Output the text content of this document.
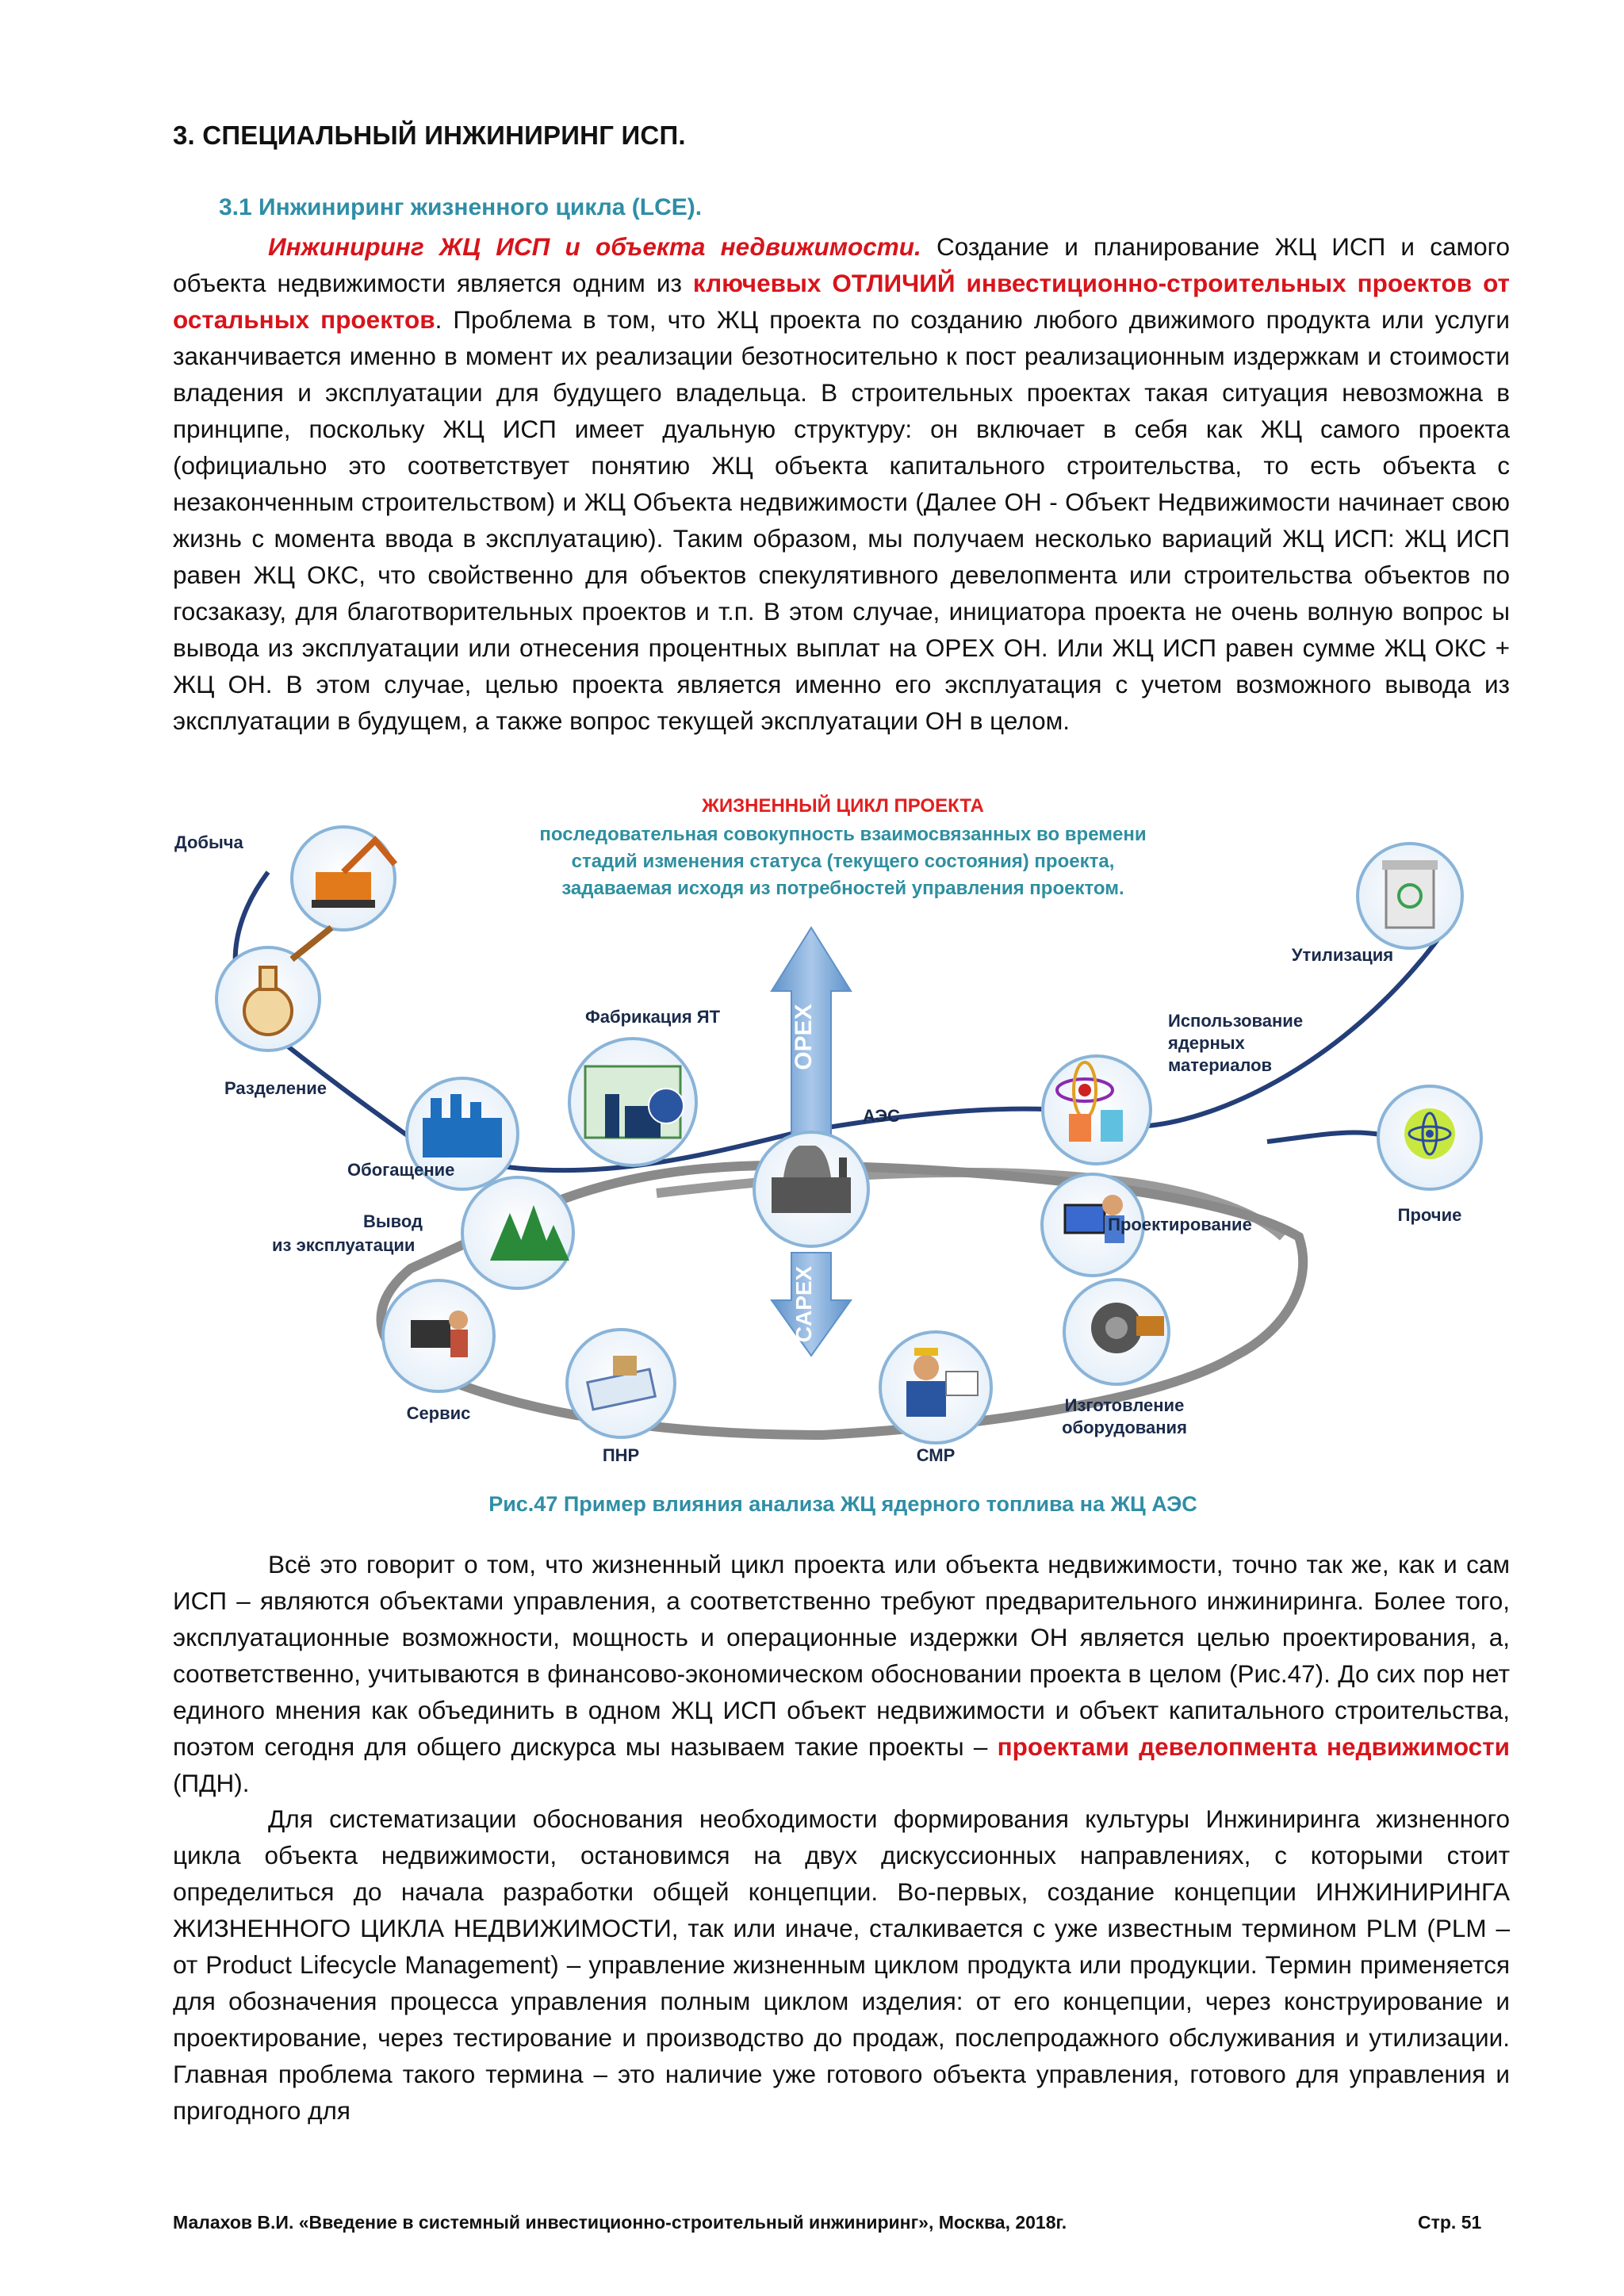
3. СПЕЦИАЛЬНЫЙ ИНЖИНИРИНГ ИСП.
3.1 Инжиниринг жизненного цикла (LCE).
Инжиниринг ЖЦ ИСП и объекта недвижимости. Создание и планирование ЖЦ ИСП и самого объекта недвижимости является одним из ключевых ОТЛИЧИЙ инвестиционно-строительных проектов от остальных проектов. Проблема в том, что ЖЦ проекта по созданию любого движимого продукта или услуги заканчивается именно в момент их реализации безотносительно к пост реализационным издержкам и стоимости владения и эксплуатации для будущего владельца. В строительных проектах такая ситуация невозможна в принципе, поскольку ЖЦ ИСП имеет дуальную структуру: он включает в себя как ЖЦ самого проекта (официально это соответствует понятию ЖЦ объекта капитального строительства, то есть объекта с незаконченным строительством) и ЖЦ Объекта недвижимости (Далее ОН - Объект Недвижимости начинает свою жизнь с момента ввода в эксплуатацию). Таким образом, мы получаем несколько вариаций ЖЦ ИСП: ЖЦ ИСП равен ЖЦ ОКС, что свойственно для объектов спекулятивного девелопмента или строительства объектов по госзаказу, для благотворительных проектов и т.п. В этом случае, инициатора проекта не очень волную вопрос ы вывода из эксплуатации или отнесения процентных выплат на OPEX ОН. Или ЖЦ ИСП равен сумме ЖЦ ОКС + ЖЦ ОН. В этом случае, целью проекта является именно его эксплуатация с учетом возможного вывода из эксплуатации в будущем, а также вопрос текущей эксплуатации ОН в целом.
ЖИЗНЕННЫЙ ЦИКЛ ПРОЕКТА
последовательная совокупность взаимосвязанных во времени
стадий изменения статуса (текущего состояния) проекта,
задаваемая исходя из потребностей управления проектом.
OPEX
CAPEX
Добыча
Разделение
Обогащение
Фабрикация ЯТ
АЭС
Вывод
из эксплуатации
Сервис
ПНР	СМР
Изготовление
оборудования
Проектирование
Использование
ядерных
материалов
Прочие
Утилизация
Рис.47 Пример влияния анализа ЖЦ ядерного топлива на ЖЦ АЭС
Всё это говорит о том, что жизненный цикл проекта или объекта недвижимости, точно так же, как и сам ИСП – являются объектами управления, а соответственно требуют предварительного инжиниринга. Более того, эксплуатационные возможности, мощность и операционные издержки ОН является целью проектирования, а, соответственно, учитываются в финансово-экономическом обосновании проекта в целом (Рис.47). До сих пор нет единого мнения как объединить в одном ЖЦ ИСП объект недвижимости и объект капитального строительства, поэтом сегодня для общего дискурса мы называем такие проекты – проектами девелопмента недвижимости (ПДН).
Для систематизации обоснования необходимости формирования культуры Инжиниринга жизненного цикла объекта недвижимости, остановимся на двух дискуссионных направлениях, с которыми стоит определиться до начала разработки общей концепции. Во-первых, создание концепции ИНЖИНИРИНГА ЖИЗНЕННОГО ЦИКЛА НЕДВИЖИМОСТИ, так или иначе, сталкивается с уже известным термином PLM (PLM – от Product Lifecycle Management) – управление жизненным циклом продукта или продукции. Термин применяется для обозначения процесса управления полным циклом изделия: от его концепции, через конструирование и проектирование, через тестирование и производство до продаж, послепродажного обслуживания и утилизации. Главная проблема такого термина – это наличие уже готового объекта управления, готового для управления и пригодного для
Малахов В.И. «Введение в системный инвестиционно-строительный инжиниринг», Москва, 2018г.	Стр. 51
